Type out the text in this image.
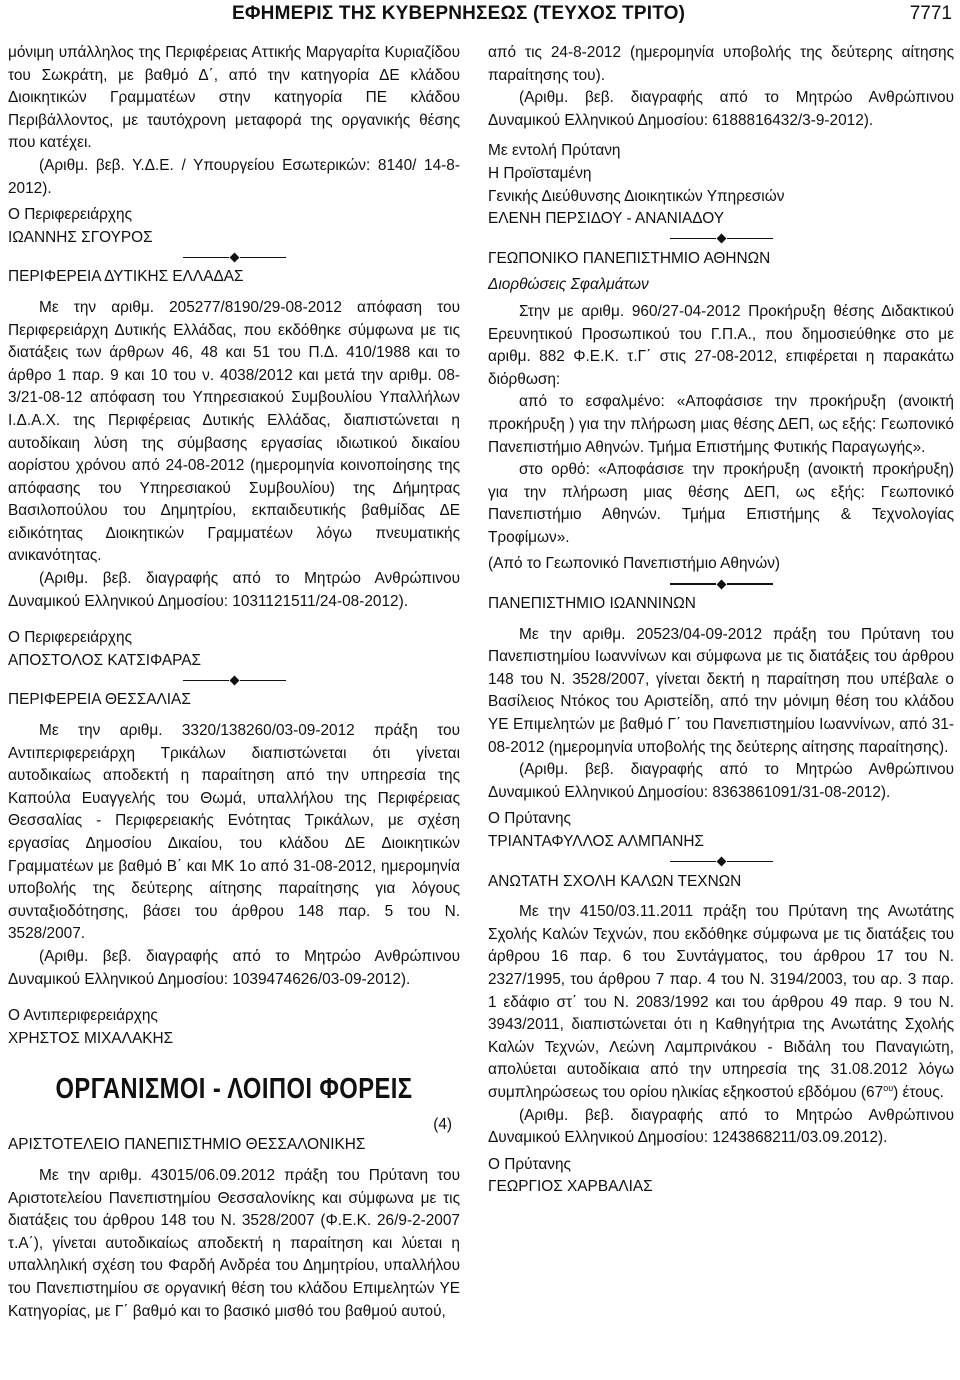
ΕΦΗΜΕΡΙΣ ΤΗΣ ΚΥΒΕΡΝΗΣΕΩΣ (ΤΕΥΧΟΣ ΤΡΙΤΟ)	7771

μόνιμη υπάλληλος της Περιφέρειας Αττικής Μαργαρίτα Κυριαζίδου του Σωκράτη, με βαθμό Δ΄, από την κατηγορία ΔΕ κλάδου Διοικητικών Γραμματέων στην κατηγορία ΠΕ κλάδου Περιβάλλοντος, με ταυτόχρονη μεταφορά της οργανικής θέσης που κατέχει.

(Αριθμ. βεβ. Υ.Δ.Ε. / Υπουργείου Εσωτερικών: 8140/ 14-8-2012).

Ο Περιφερειάρχης

ΙΩΑΝΝΗΣ ΣΓΟΥΡΟΣ

ΠΕΡΙΦΕΡΕΙΑ ΔΥΤΙΚΗΣ ΕΛΛΑΔΑΣ

Με την αριθμ. 205277/8190/29-08-2012 απόφαση του Περιφερειάρχη Δυτικής Ελλάδας, που εκδόθηκε σύμφωνα με τις διατάξεις των άρθρων 46, 48 και 51 του Π.Δ. 410/1988 και το άρθρο 1 παρ. 9 και 10 του ν. 4038/2012 και μετά την αριθμ. 08-3/21-08-12 απόφαση του Υπηρεσιακού Συμβουλίου Υπαλλήλων Ι.Δ.Α.Χ. της Περιφέρειας Δυτικής Ελλάδας, διαπιστώνεται η αυτοδίκαιη λύση της σύμβασης εργασίας ιδιωτικού δικαίου αορίστου χρόνου από 24-08-2012 (ημερομηνία κοινοποίησης της απόφασης του Υπηρεσιακού Συμβουλίου) της Δήμητρας Βασιλοπούλου του Δημητρίου, εκπαιδευτικής βαθμίδας ΔΕ ειδικότητας Διοικητικών Γραμματέων λόγω πνευματικής ανικανότητας.

(Αριθμ. βεβ. διαγραφής από το Μητρώο Ανθρώπινου Δυναμικού Ελληνικού Δημοσίου: 1031121511/24-08-2012).

Ο Περιφερειάρχης

ΑΠΟΣΤΟΛΟΣ ΚΑΤΣΙΦΑΡΑΣ

ΠΕΡΙΦΕΡΕΙΑ ΘΕΣΣΑΛΙΑΣ

Με την αριθμ. 3320/138260/03-09-2012 πράξη του Αντιπεριφερειάρχη Τρικάλων διαπιστώνεται ότι γίνεται αυτοδικαίως αποδεκτή η παραίτηση από την υπηρεσία της Καπούλα Ευαγγελής του Θωμά, υπαλλήλου της Περιφέρειας Θεσσαλίας - Περιφερειακής Ενότητας Τρικάλων, με σχέση εργασίας Δημοσίου Δικαίου, του κλάδου ΔΕ Διοικητικών Γραμματέων με βαθμό Β΄ και ΜΚ 1ο από 31-08-2012, ημερομηνία υποβολής της δεύτερης αίτησης παραίτησης για λόγους συνταξιοδότησης, βάσει του άρθρου 148 παρ. 5 του Ν. 3528/2007.

(Αριθμ. βεβ. διαγραφής από το Μητρώο Ανθρώπινου Δυναμικού Ελληνικού Δημοσίου: 1039474626/03-09-2012).

Ο Αντιπεριφερειάρχης

ΧΡΗΣΤΟΣ ΜΙΧΑΛΑΚΗΣ

ΟΡΓΑΝΙΣΜΟΙ - ΛΟΙΠΟΙ ΦΟΡΕΙΣ
(4)

ΑΡΙΣΤΟΤΕΛΕΙΟ ΠΑΝΕΠΙΣΤΗΜΙΟ ΘΕΣΣΑΛΟΝΙΚΗΣ

Με την αριθμ. 43015/06.09.2012 πράξη του Πρύτανη του Αριστοτελείου Πανεπιστημίου Θεσσαλονίκης και σύμφωνα με τις διατάξεις του άρθρου 148 του Ν. 3528/2007 (Φ.Ε.Κ. 26/9-2-2007 τ.Α΄), γίνεται αυτοδικαίως αποδεκτή η παραίτηση και λύεται η υπαλληλική σχέση του Φαρδή Ανδρέα του Δημητρίου, υπαλλήλου του Πανεπιστημίου σε οργανική θέση του κλάδου Επιμελητών ΥΕ Κατηγορίας, με Γ΄ βαθμό και το βασικό μισθό του βαθμού αυτού,

από τις 24-8-2012 (ημερομηνία υποβολής της δεύτερης αίτησης παραίτησης του).

(Αριθμ. βεβ. διαγραφής από το Μητρώο Ανθρώπινου Δυναμικού Ελληνικού Δημοσίου: 6188816432/3-9-2012).

Με εντολή Πρύτανη

Η Προϊσταμένη

Γενικής Διεύθυνσης Διοικητικών Υπηρεσιών

ΕΛΕΝΗ ΠΕΡΣΙΔΟΥ - ΑΝΑΝΙΑΔΟΥ

ΓΕΩΠΟΝΙΚΟ ΠΑΝΕΠΙΣΤΗΜΙΟ ΑΘΗΝΩΝ

Διορθώσεις Σφαλμάτων

Στην με αριθμ. 960/27-04-2012 Προκήρυξη θέσης Διδακτικού Ερευνητικού Προσωπικού του Γ.Π.Α., που δημοσιεύθηκε στο με αριθμ. 882 Φ.Ε.Κ. τ.Γ΄ στις 27-08-2012, επιφέρεται η παρακάτω διόρθωση:

από το εσφαλμένο: «Αποφάσισε την προκήρυξη (ανοικτή προκήρυξη ) για την πλήρωση μιας θέσης ΔΕΠ, ως εξής: Γεωπονικό Πανεπιστήμιο Αθηνών. Τμήμα Επιστήμης Φυτικής Παραγωγής».

στο ορθό: «Αποφάσισε την προκήρυξη (ανοικτή προκήρυξη) για την πλήρωση μιας θέσης ΔΕΠ, ως εξής: Γεωπονικό Πανεπιστήμιο Αθηνών. Τμήμα Επιστήμης & Τεχνολογίας Τροφίμων».

(Από το Γεωπονικό Πανεπιστήμιο Αθηνών)

ΠΑΝΕΠΙΣΤΗΜΙΟ ΙΩΑΝΝΙΝΩΝ

Με την αριθμ. 20523/04-09-2012 πράξη του Πρύτανη του Πανεπιστημίου Ιωαννίνων και σύμφωνα με τις διατάξεις του άρθρου 148 του Ν. 3528/2007, γίνεται δεκτή η παραίτηση που υπέβαλε ο Βασίλειος Ντόκος του Αριστείδη, από την μόνιμη θέση του κλάδου ΥΕ Επιμελητών με βαθμό Γ΄ του Πανεπιστημίου Ιωαννίνων, από 31-08-2012 (ημερομηνία υποβολής της δεύτερης αίτησης παραίτησης).

(Αριθμ. βεβ. διαγραφής από το Μητρώο Ανθρώπινου Δυναμικού Ελληνικού Δημοσίου: 8363861091/31-08-2012).

Ο Πρύτανης

ΤΡΙΑΝΤΑΦΥΛΛΟΣ ΑΛΜΠΑΝΗΣ

ΑΝΩΤΑΤΗ ΣΧΟΛΗ ΚΑΛΩΝ ΤΕΧΝΩΝ

Με την 4150/03.11.2011 πράξη του Πρύτανη της Ανωτάτης Σχολής Καλών Τεχνών, που εκδόθηκε σύμφωνα με τις διατάξεις του άρθρου 16 παρ. 6 του Συντάγματος, του άρθρου 17 του Ν. 2327/1995, του άρθρου 7 παρ. 4 του Ν. 3194/2003, του αρ. 3 παρ. 1 εδάφιο στ΄ του Ν. 2083/1992 και του άρθρου 49 παρ. 9 του Ν. 3943/2011, διαπιστώνεται ότι η Καθηγήτρια της Ανωτάτης Σχολής Καλών Τεχνών, Λεώνη Λαμπρινάκου - Βιδάλη του Παναγιώτη, απολύεται αυτοδίκαια από την υπηρεσία της 31.08.2012 λόγω συμπληρώσεως του ορίου ηλικίας εξηκοστού εβδόμου $(67^{o\upsilon})$ έτους.

(Αριθμ. βεβ. διαγραφής από το Μητρώο Ανθρώπινου Δυναμικού Ελληνικού Δημοσίου: 1243868211/03.09.2012).

Ο Πρύτανης

ΓΕΩΡΓΙΟΣ ΧΑΡΒΑΛΙΑΣ
